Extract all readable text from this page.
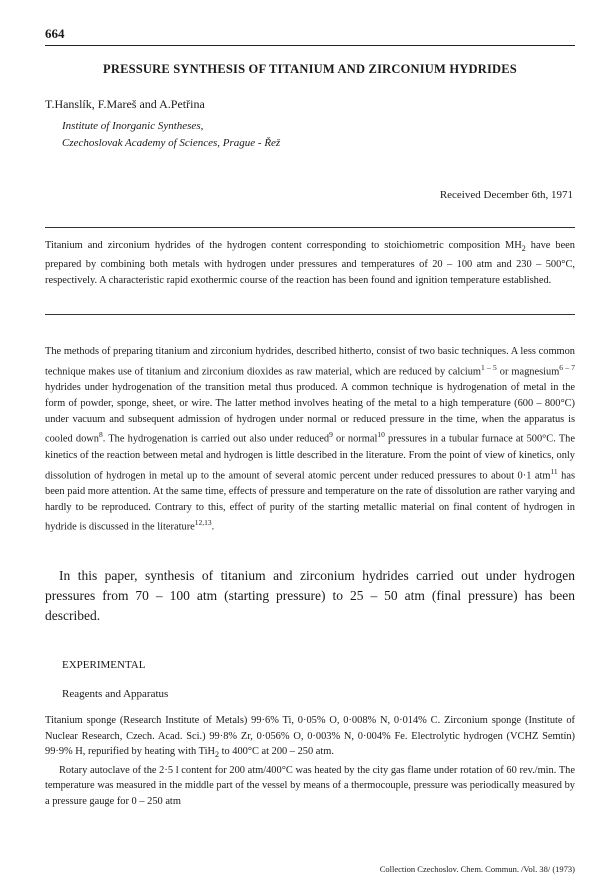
664
PRESSURE SYNTHESIS OF TITANIUM AND ZIRCONIUM HYDRIDES
T.Hanslík, F.Mareš and A.Petřina
Institute of Inorganic Syntheses,
Czechoslovak Academy of Sciences, Prague - Řež
Received December 6th, 1971
Titanium and zirconium hydrides of the hydrogen content corresponding to stoichiometric composition $MH_2$ have been prepared by combining both metals with hydrogen under pressures and temperatures of 20 – 100 atm and 230 – 500°C, respectively. A characteristic rapid exothermic course of the reaction has been found and ignition temperature established.
The methods of preparing titanium and zirconium hydrides, described hitherto, consist of two basic techniques. A less common technique makes use of titanium and zirconium dioxides as raw material, which are reduced by calcium$^{1 - 5}$ or magnesium$^{6 - 7}$ hydrides under hydrogenation of the transition metal thus produced. A common technique is hydrogenation of metal in the form of powder, sponge, sheet, or wire. The latter method involves heating of the metal to a high temperature (600 – 800°C) under vacuum and subsequent admission of hydrogen under normal or reduced pressure in the time, when the apparatus is cooled down$^8$. The hydrogenation is carried out also under reduced$^9$ or normal$^{10}$ pressures in a tubular furnace at 500°C. The kinetics of the reaction between metal and hydrogen is little described in the literature. From the point of view of kinetics, only dissolution of hydrogen in metal up to the amount of several atomic percent under reduced pressures to about 0·1 atm$^{11}$ has been paid more attention. At the same time, effects of pressure and temperature on the rate of dissolution are rather varying and hardly to be reproduced. Contrary to this, effect of purity of the starting metallic material on final content of hydrogen in hydride is discussed in the literature$^{12,13}$.

In this paper, synthesis of titanium and zirconium hydrides carried out under hydrogen pressures from 70 – 100 atm (starting pressure) to 25 – 50 atm (final pressure) has been described.

EXPERIMENTAL
Reagents and Apparatus

Titanium sponge (Research Institute of Metals) 99·6% Ti, 0·05% O, 0·008% N, 0·014% C. Zirconium sponge (Institute of Nuclear Research, Czech. Acad. Sci.) 99·8% Zr, 0·056% O, 0·003% N, 0·004% Fe. Electrolytic hydrogen (VCHZ Semtín) 99·9% H, repurified by heating with TiH$_2$ to 400°C at 200 – 250 atm.

Rotary autoclave of the 2·5 l content for 200 atm/400°C was heated by the city gas flame under rotation of 60 rev./min. The temperature was measured in the middle part of the vessel by means of a thermocouple, pressure was periodically measured by a pressure gauge for 0 – 250 atm

Collection Czechoslov. Chem. Commun. /Vol. 38/ (1973)
